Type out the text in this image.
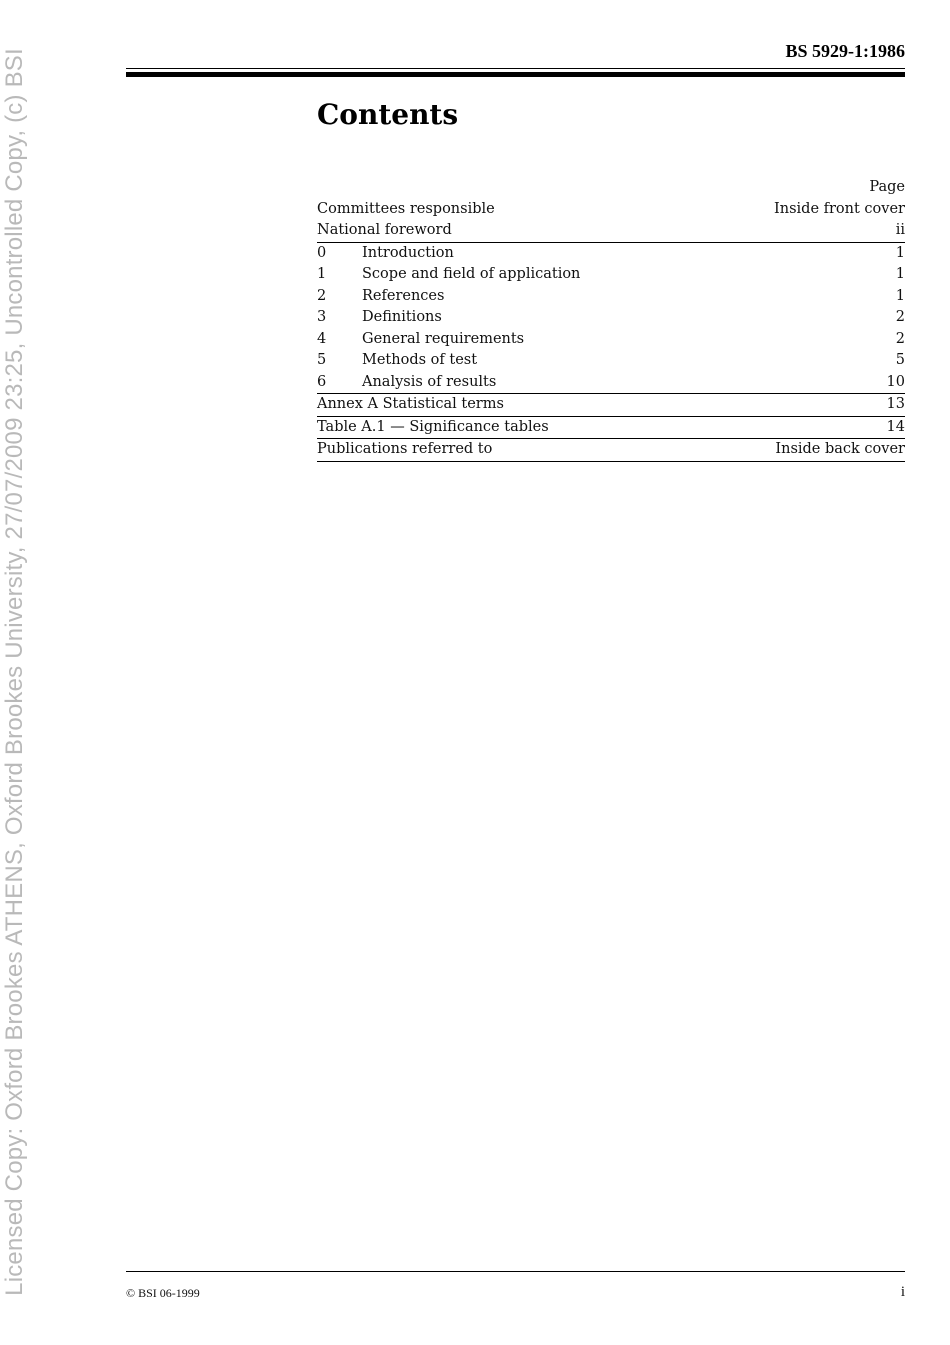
Licensed Copy: Oxford Brookes ATHENS, Oxford Brookes University, 27/07/2009 23:25, Uncontrolled Copy, (c) BSI	BS 5929-1:1986
Contents
Page
Committees responsible	Inside front cover
National foreword	ii
0	Introduction	1
1	Scope and field of application	1
2	References	1
3	Definitions	2
4	General requirements	2
5	Methods of test	5
6	Analysis of results	10
Annex A Statistical terms	13
Table A.1 — Significance tables	14
Publications referred to	Inside back cover
© BSI 06-1999	i
